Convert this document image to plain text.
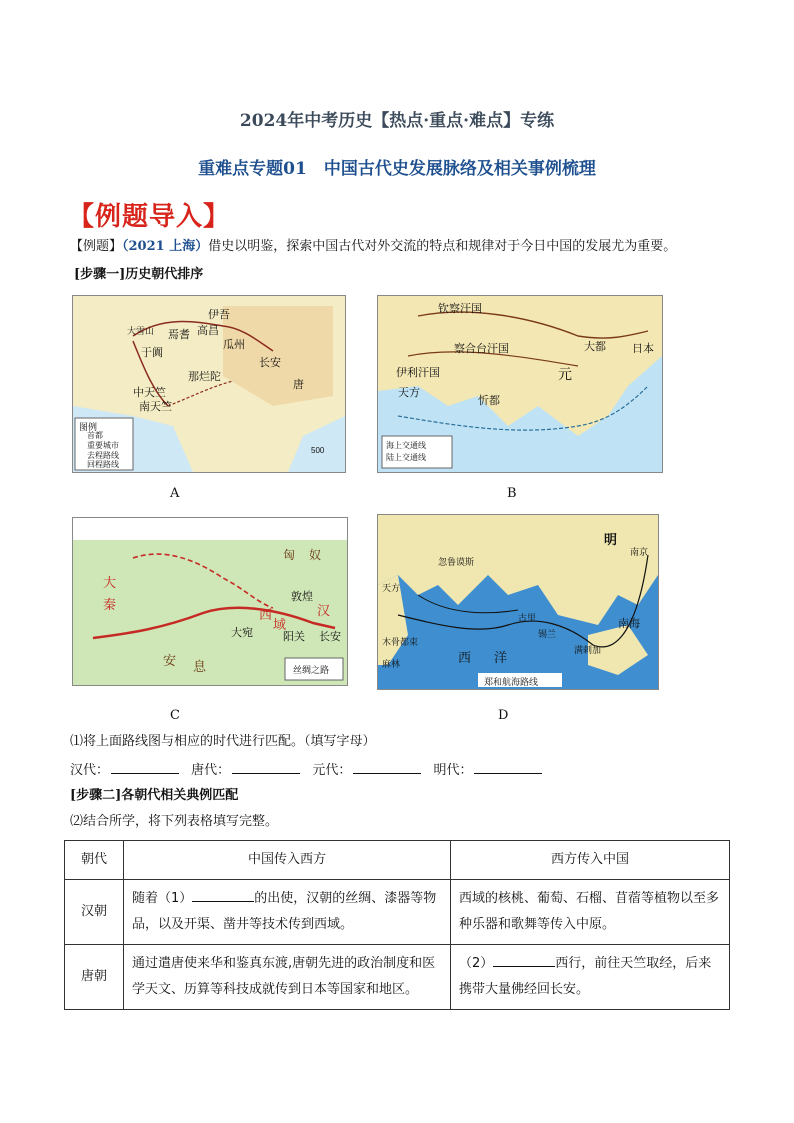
2024年中考历史【热点·重点·难点】专练
重难点专题01　中国古代史发展脉络及相关事例梳理
【例题导入】
【例题】（2021 上海）借史以明鉴，探索中国古代对外交流的特点和规律对于今日中国的发展尤为重要。
[步骤一]历史朝代排序
伊吾
高昌
焉耆
于阗
瓜州
长安
唐
那烂陀
中天竺
南天竺
大雪山
图例
首都
重要城市
去程路线
回程路线
500
A
钦察汗国
察合台汗国
伊利汗国
大都
元
天方
忻都
日本
海上交通线
陆上交通线
B
匈 奴
大
秦
安 息
西
域
汉
长安
敦煌
阳关
大宛
丝绸之路
C
明
南京
南海
西 洋
古里
锡兰
满剌加
忽鲁谟斯
天方
木骨都束
麻林
郑和航海路线
D
⑴将上面路线图与相应的时代进行匹配。（填写字母）
汉代：	唐代：	元代：	明代：
[步骤二]各朝代相关典例匹配
⑵结合所学，将下列表格填写完整。
朝代	中国传入西方	西方传入中国
汉朝	随着（1） 的出使，汉朝的丝绸、漆器等物品，以及开渠、凿井等技术传到西域。	西域的核桃、葡萄、石榴、苜蓿等植物以至多种乐器和歌舞等传入中原。
唐朝	通过遣唐使来华和鉴真东渡,唐朝先进的政治制度和医学天文、历算等科技成就传到日本等国家和地区。	（2） 西行，前往天竺取经，后来携带大量佛经回长安。
